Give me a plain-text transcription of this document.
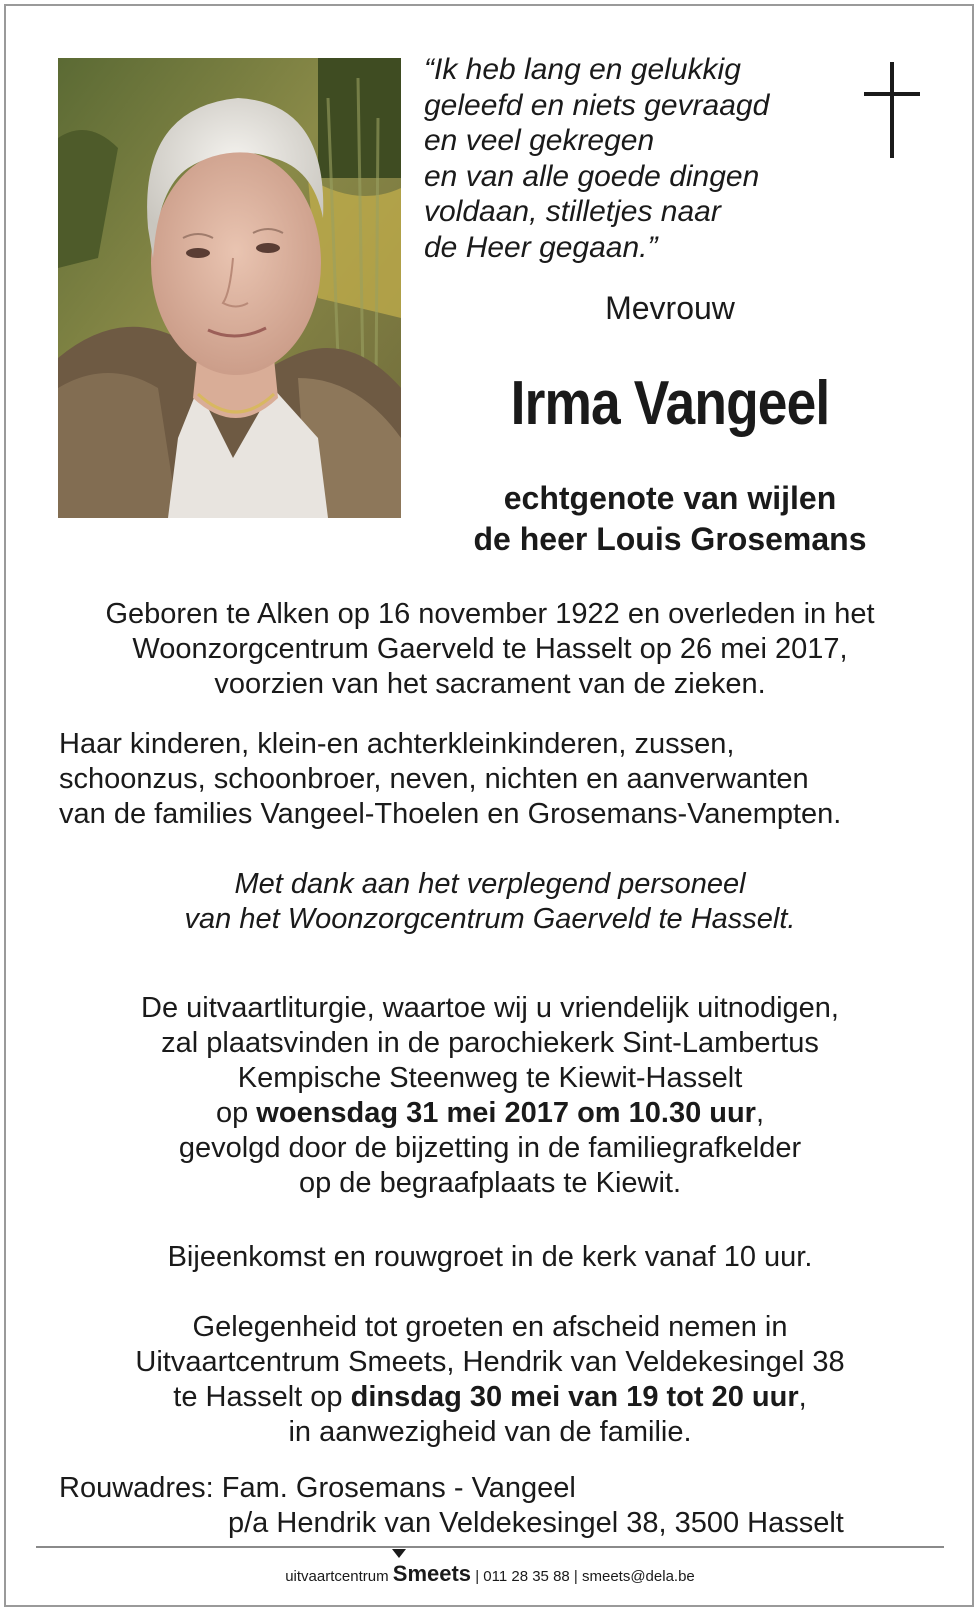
“Ik heb lang en gelukkig
geleefd en niets gevraagd
en veel gekregen
en van alle goede dingen
voldaan, stilletjes naar
de Heer gegaan.”
Mevrouw
Irma Vangeel
echtgenote van wijlen
de heer Louis Grosemans
Geboren te Alken op 16 november 1922 en overleden in het
Woonzorgcentrum Gaerveld te Hasselt op 26 mei 2017,
voorzien van het sacrament van de zieken.
Haar kinderen, klein-en achterkleinkinderen, zussen,
schoonzus, schoonbroer, neven, nichten en aanverwanten
van de families Vangeel-Thoelen en Grosemans-Vanempten.
Met dank aan het verplegend personeel
van het Woonzorgcentrum Gaerveld te Hasselt.
De uitvaartliturgie, waartoe wij u vriendelijk uitnodigen,
zal plaatsvinden in de parochiekerk Sint-Lambertus
Kempische Steenweg te Kiewit-Hasselt
op woensdag 31 mei 2017 om 10.30 uur,
gevolgd door de bijzetting in de familiegrafkelder
op de begraafplaats te Kiewit.
Bijeenkomst en rouwgroet in de kerk vanaf 10 uur.
Gelegenheid tot groeten en afscheid nemen in
Uitvaartcentrum Smeets, Hendrik van Veldekesingel 38
te Hasselt op dinsdag 30 mei van 19 tot 20 uur,
in aanwezigheid van de familie.
Rouwadres: Fam. Grosemans - Vangeel
p/a Hendrik van Veldekesingel 38, 3500 Hasselt
uitvaartcentrum Smeets | 011 28 35 88 | smeets@dela.be
